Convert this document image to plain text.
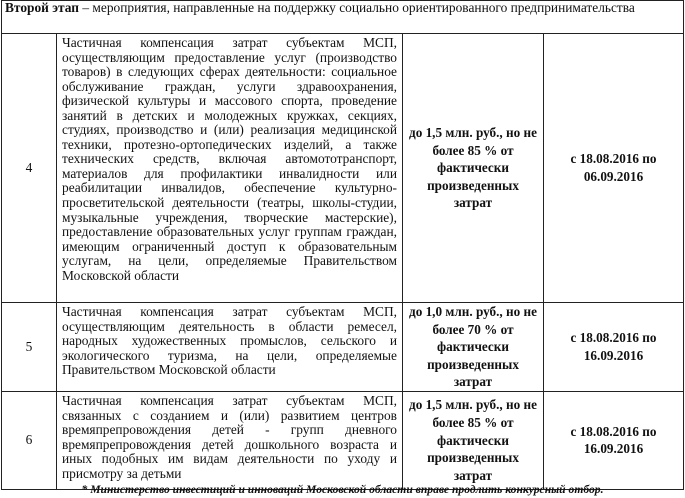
Второй этап – мероприятия, направленные на поддержку социально ориентированного предпринимательства			
4	Частичная компенсация затрат субъектам МСП, осуществляющим предоставление услуг (производство товаров) в следующих сферах деятельности: социальное обслуживание граждан, услуги здравоохранения, физической культуры и массового спорта, проведение занятий в детских и молодежных кружках, секциях, студиях, производство и (или) реализация медицинской техники, протезно-ортопедических изделий, а также технических средств, включая автомототранспорт, материалов для профилактики инвалидности или реабилитации инвалидов, обеспечение культурно-просветительской деятельности (театры, школы-студии, музыкальные учреждения, творческие мастерские), предоставление образовательных услуг группам граждан, имеющим ограниченный доступ к образовательным услугам, на цели, определяемые Правительством Московской области	до 1,5 млн. руб., но не более 85 % от фактически произведенных затрат	с 18.08.2016 по 06.09.2016
5	Частичная компенсация затрат субъектам МСП, осуществляющим деятельность в области ремесел, народных художественных промыслов, сельского и экологического туризма, на цели, определяемые Правительством Московской области	до 1,0 млн. руб., но не более 70 % от фактически произведенных затрат	с 18.08.2016 по 16.09.2016
6	Частичная компенсация затрат субъектам МСП, связанных с созданием и (или) развитием центров времяпрепровождения детей - групп дневного времяпрепровождения детей дошкольного возраста и иных подобных им видам деятельности по уходу и присмотру за детьми	до 1,5 млн. руб., но не более 85 % от фактически произведенных затрат	с 18.08.2016 по 16.09.2016
* Министерство инвестиций и инноваций Московской области вправе продлить конкурсный отбор.
